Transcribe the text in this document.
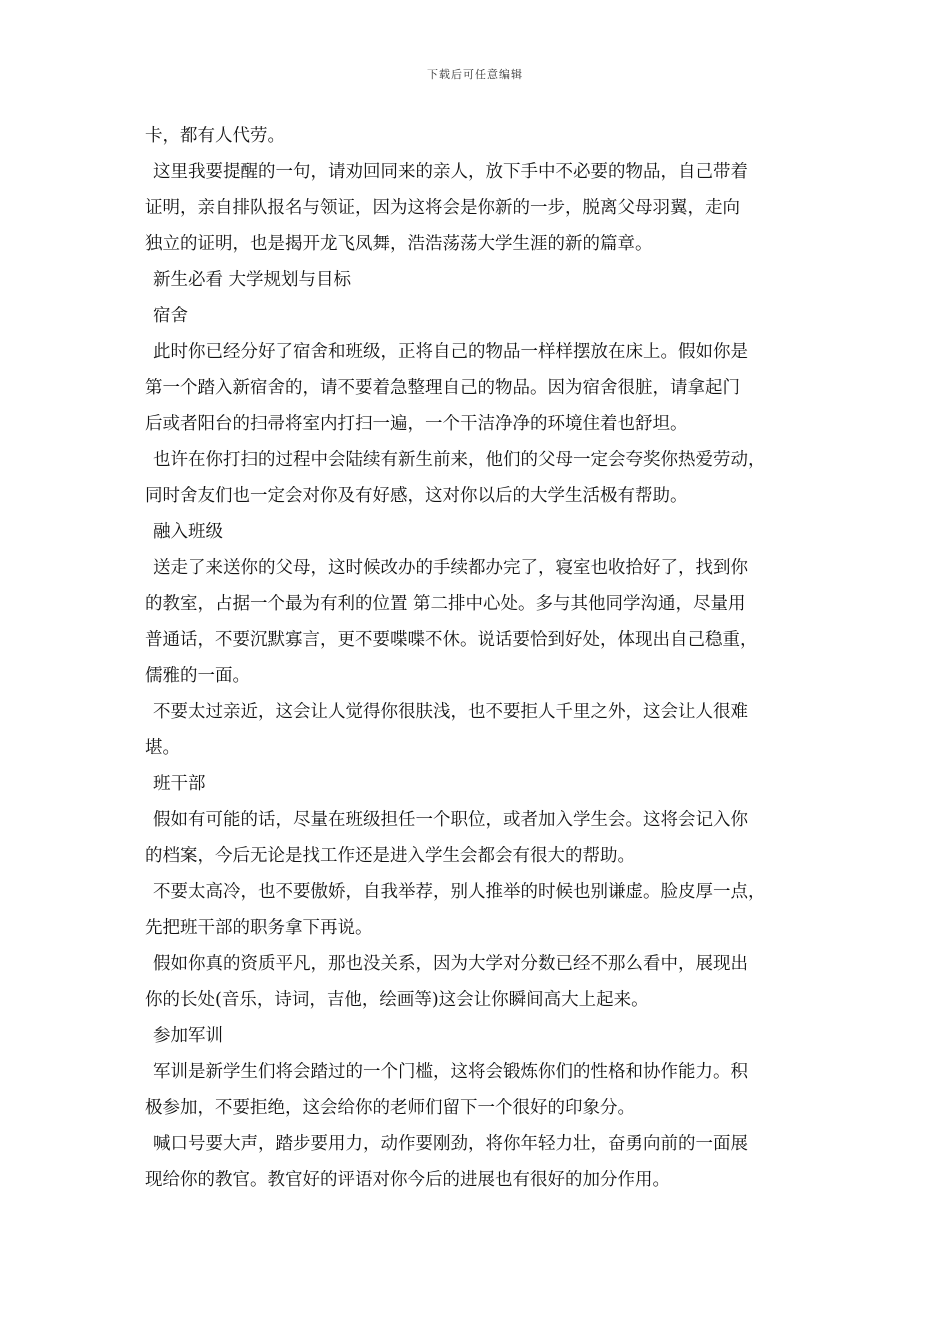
下载后可任意编辑
卡，都有人代劳。
这里我要提醒的一句，请劝回同来的亲人，放下手中不必要的物品，自己带着
证明，亲自排队报名与领证，因为这将会是你新的一步，脱离父母羽翼，走向
独立的证明，也是揭开龙飞凤舞，浩浩荡荡大学生涯的新的篇章。
新生必看 大学规划与目标
宿舍
此时你已经分好了宿舍和班级，正将自己的物品一样样摆放在床上。假如你是
第一个踏入新宿舍的，请不要着急整理自己的物品。因为宿舍很脏，请拿起门
后或者阳台的扫帚将室内打扫一遍，一个干洁净净的环境住着也舒坦。
也许在你打扫的过程中会陆续有新生前来，他们的父母一定会夸奖你热爱劳动，
同时舍友们也一定会对你及有好感，这对你以后的大学生活极有帮助。
融入班级
送走了来送你的父母，这时候改办的手续都办完了，寝室也收拾好了，找到你
的教室，占据一个最为有利的位置 第二排中心处。多与其他同学沟通，尽量用
普通话，不要沉默寡言，更不要喋喋不休。说话要恰到好处，体现出自己稳重，
儒雅的一面。
不要太过亲近，这会让人觉得你很肤浅，也不要拒人千里之外，这会让人很难
堪。
班干部
假如有可能的话，尽量在班级担任一个职位，或者加入学生会。这将会记入你
的档案，今后无论是找工作还是进入学生会都会有很大的帮助。
不要太高冷，也不要傲娇，自我举荐，别人推举的时候也别谦虚。脸皮厚一点，
先把班干部的职务拿下再说。
假如你真的资质平凡，那也没关系，因为大学对分数已经不那么看中，展现出
你的长处(音乐，诗词，吉他，绘画等)这会让你瞬间高大上起来。
参加军训
军训是新学生们将会踏过的一个门槛，这将会锻炼你们的性格和协作能力。积
极参加，不要拒绝，这会给你的老师们留下一个很好的印象分。
喊口号要大声，踏步要用力，动作要刚劲，将你年轻力壮，奋勇向前的一面展
现给你的教官。教官好的评语对你今后的进展也有很好的加分作用。
